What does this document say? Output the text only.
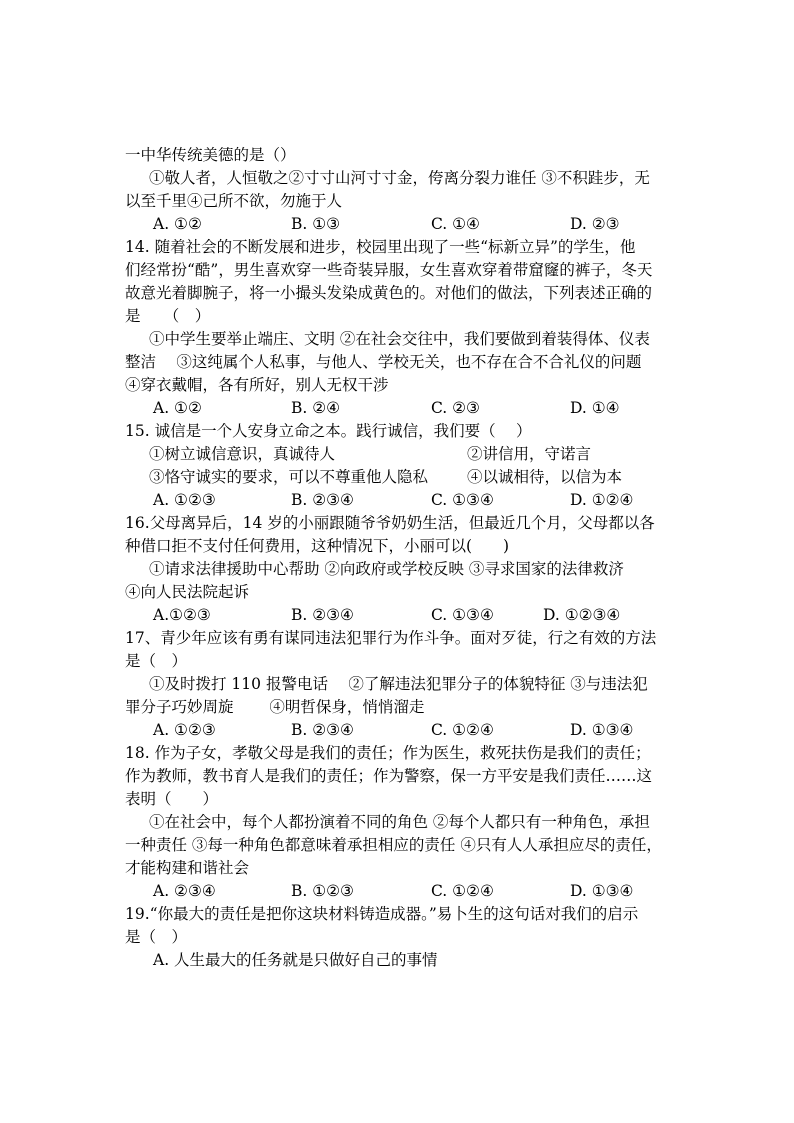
一中华传统美德的是（）
①敬人者，人恒敬之②寸寸山河寸寸金，侉离分裂力谁任 ③不积跬步，无
以至千里④己所不欲，勿施于人
A. ①②	B. ①③	C. ①④	D. ②③
14. 随着社会的不断发展和进步，校园里出现了一些“标新立异”的学生，他
们经常扮“酷”，男生喜欢穿一些奇装异服，女生喜欢穿着带窟窿的裤子，冬天
故意光着脚腕子，将一小撮头发染成黄色的。对他们的做法，下列表述正确的
是　　（　）
①中学生要举止端庄、文明 ②在社会交往中，我们要做到着装得体、仪表
整洁　 ③这纯属个人私事，与他人、学校无关，也不存在合不合礼仪的问题
④穿衣戴帽，各有所好，别人无权干涉
A. ①②	B. ②④	C. ②③	D. ①④
15. 诚信是一个人安身立命之本。践行诚信，我们要（　 ）
①树立诚信意识，真诚待人	②讲信用，守诺言
③恪守诚实的要求，可以不尊重他人隐私	④以诚相待，以信为本
A. ①②③	B. ②③④	C. ①③④	D. ①②④
16.父母离异后，14 岁的小丽跟随爷爷奶奶生活，但最近几个月，父母都以各
种借口拒不支付任何费用，这种情况下，小丽可以(　　)
①请求法律援助中心帮助 ②向政府或学校反映 ③寻求国家的法律救济
④向人民法院起诉
A.①②③	B. ②③④	C. ①③④	D. ①②③④
17、青少年应该有勇有谋同违法犯罪行为作斗争。面对歹徒，行之有效的方法
是（　）
①及时拨打 110 报警电话　 ②了解违法犯罪分子的体貌特征 ③与违法犯
罪分子巧妙周旋　　 ④明哲保身，悄悄溜走
A. ①②③	B. ②③④	C. ①②④	D. ①③④
18. 作为子女，孝敬父母是我们的责任；作为医生，救死扶伤是我们的责任；
作为教师，教书育人是我们的责任；作为警察，保一方平安是我们责任……这
表明（　　）
①在社会中，每个人都扮演着不同的角色 ②每个人都只有一种角色，承担
一种责任 ③每一种角色都意味着承担相应的责任 ④只有人人承担应尽的责任，
才能构建和谐社会
A. ②③④	B. ①②③	C. ①②④	D. ①③④
19.“你最大的责任是把你这块材料铸造成器。”易卜生的这句话对我们的启示
是（　）
A. 人生最大的任务就是只做好自己的事情
